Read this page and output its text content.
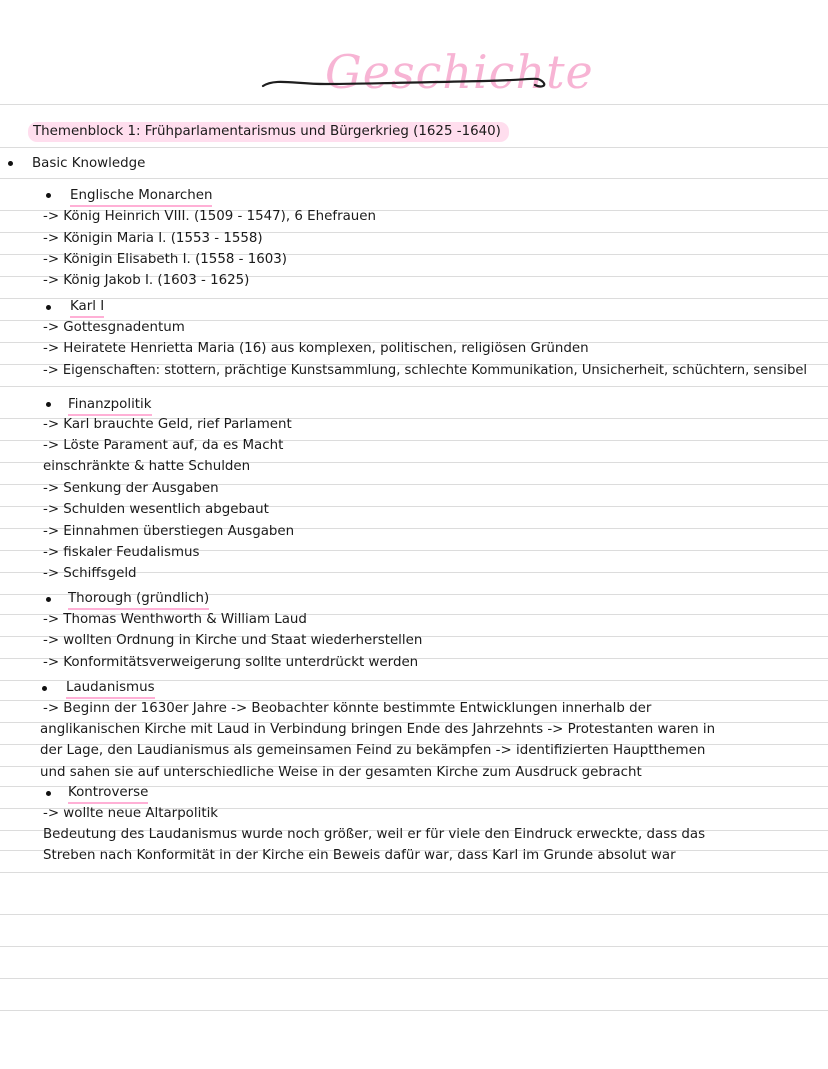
Geschichte
Themenblock 1: Frühparlamentarismus und Bürgerkrieg (1625 -1640)
Basic Knowledge
Englische Monarchen
-> König Heinrich VIII. (1509 - 1547), 6 Ehefrauen
-> Königin Maria I. (1553 - 1558)
-> Königin Elisabeth I. (1558 - 1603)
-> König Jakob I. (1603 - 1625)
Karl I
-> Gottesgnadentum
-> Heiratete Henrietta Maria (16) aus komplexen, politischen, religiösen Gründen
-> Eigenschaften: stottern, prächtige Kunstsammlung, schlechte Kommunikation, Unsicherheit, schüchtern, sensibel
Finanzpolitik
-> Karl brauchte Geld, rief Parlament
-> Löste Parament auf, da es Macht
einschränkte & hatte Schulden
-> Senkung der Ausgaben
-> Schulden wesentlich abgebaut
-> Einnahmen überstiegen Ausgaben
-> fiskaler Feudalismus
-> Schiffsgeld
Thorough (gründlich)
-> Thomas Wenthworth & William Laud
-> wollten Ordnung in Kirche und Staat wiederherstellen
-> Konformitätsverweigerung sollte unterdrückt werden
Laudanismus
-> Beginn der 1630er Jahre -> Beobachter könnte bestimmte Entwicklungen innerhalb der
anglikanischen Kirche mit Laud in Verbindung bringen Ende des Jahrzehnts -> Protestanten waren in
der Lage, den Laudianismus als gemeinsamen Feind zu bekämpfen -> identifizierten Hauptthemen
und sahen sie auf unterschiedliche Weise in der gesamten Kirche zum Ausdruck gebracht
Kontroverse
-> wollte neue Altarpolitik
Bedeutung des Laudanismus wurde noch größer, weil er für viele den Eindruck erweckte, dass das
Streben nach Konformität in der Kirche ein Beweis dafür war, dass Karl im Grunde absolut war
